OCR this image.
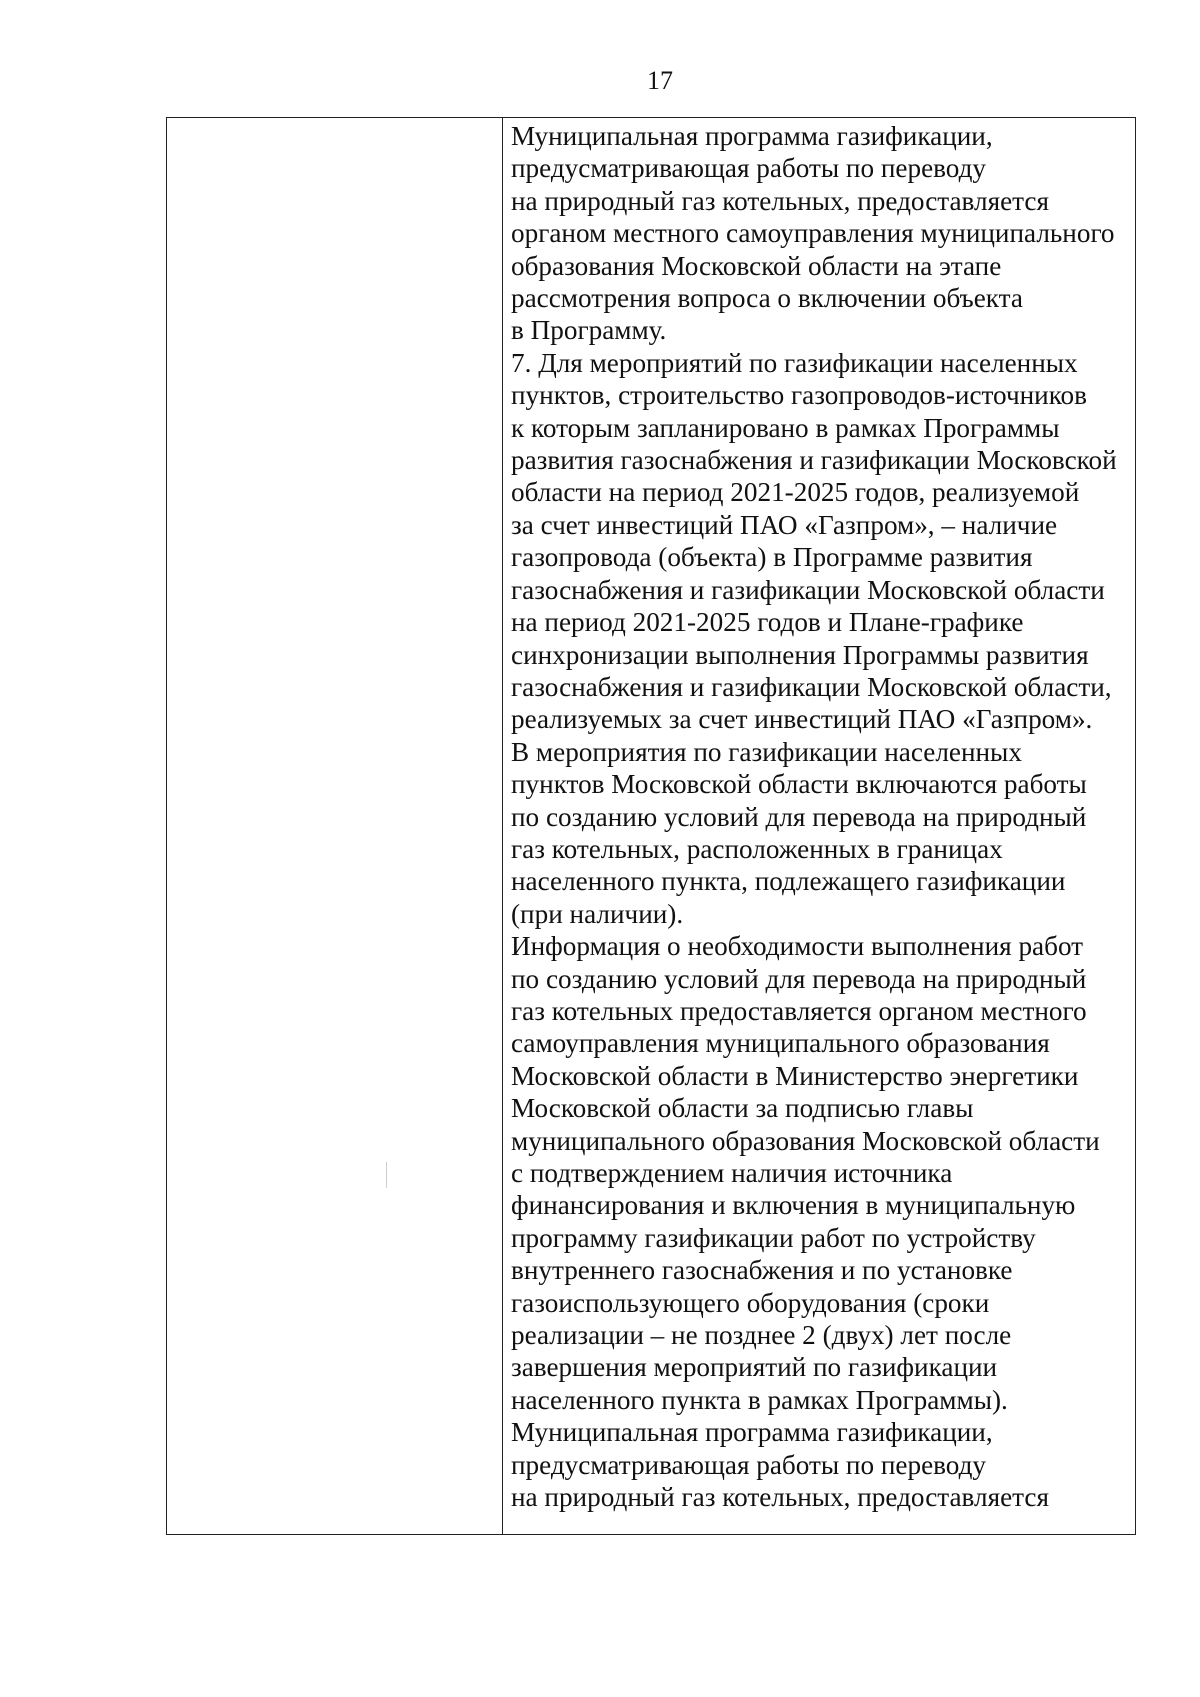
17
Муниципальная программа газификации,
предусматривающая работы по переводу
на природный газ котельных, предоставляется
органом местного самоуправления муниципального
образования Московской области на этапе
рассмотрения вопроса о включении объекта
в Программу.
7. Для мероприятий по газификации населенных
пунктов, строительство газопроводов-источников
к которым запланировано в рамках Программы
развития газоснабжения и газификации Московской
области на период 2021-2025 годов, реализуемой
за счет инвестиций ПАО «Газпром», – наличие
газопровода (объекта) в Программе развития
газоснабжения и газификации Московской области
на период 2021-2025 годов и Плане-графике
синхронизации выполнения Программы развития
газоснабжения и газификации Московской области,
реализуемых за счет инвестиций ПАО «Газпром».
В мероприятия по газификации населенных
пунктов Московской области включаются работы
по созданию условий для перевода на природный
газ котельных, расположенных в границах
населенного пункта, подлежащего газификации
(при наличии).
Информация о необходимости выполнения работ
по созданию условий для перевода на природный
газ котельных предоставляется органом местного
самоуправления муниципального образования
Московской области в Министерство энергетики
Московской области за подписью главы
муниципального образования Московской области
с подтверждением наличия источника
финансирования и включения в муниципальную
программу газификации работ по устройству
внутреннего газоснабжения и по установке
газоиспользующего оборудования (сроки
реализации – не позднее 2 (двух) лет после
завершения мероприятий по газификации
населенного пункта в рамках Программы).
Муниципальная программа газификации,
предусматривающая работы по переводу
на природный газ котельных, предоставляется
